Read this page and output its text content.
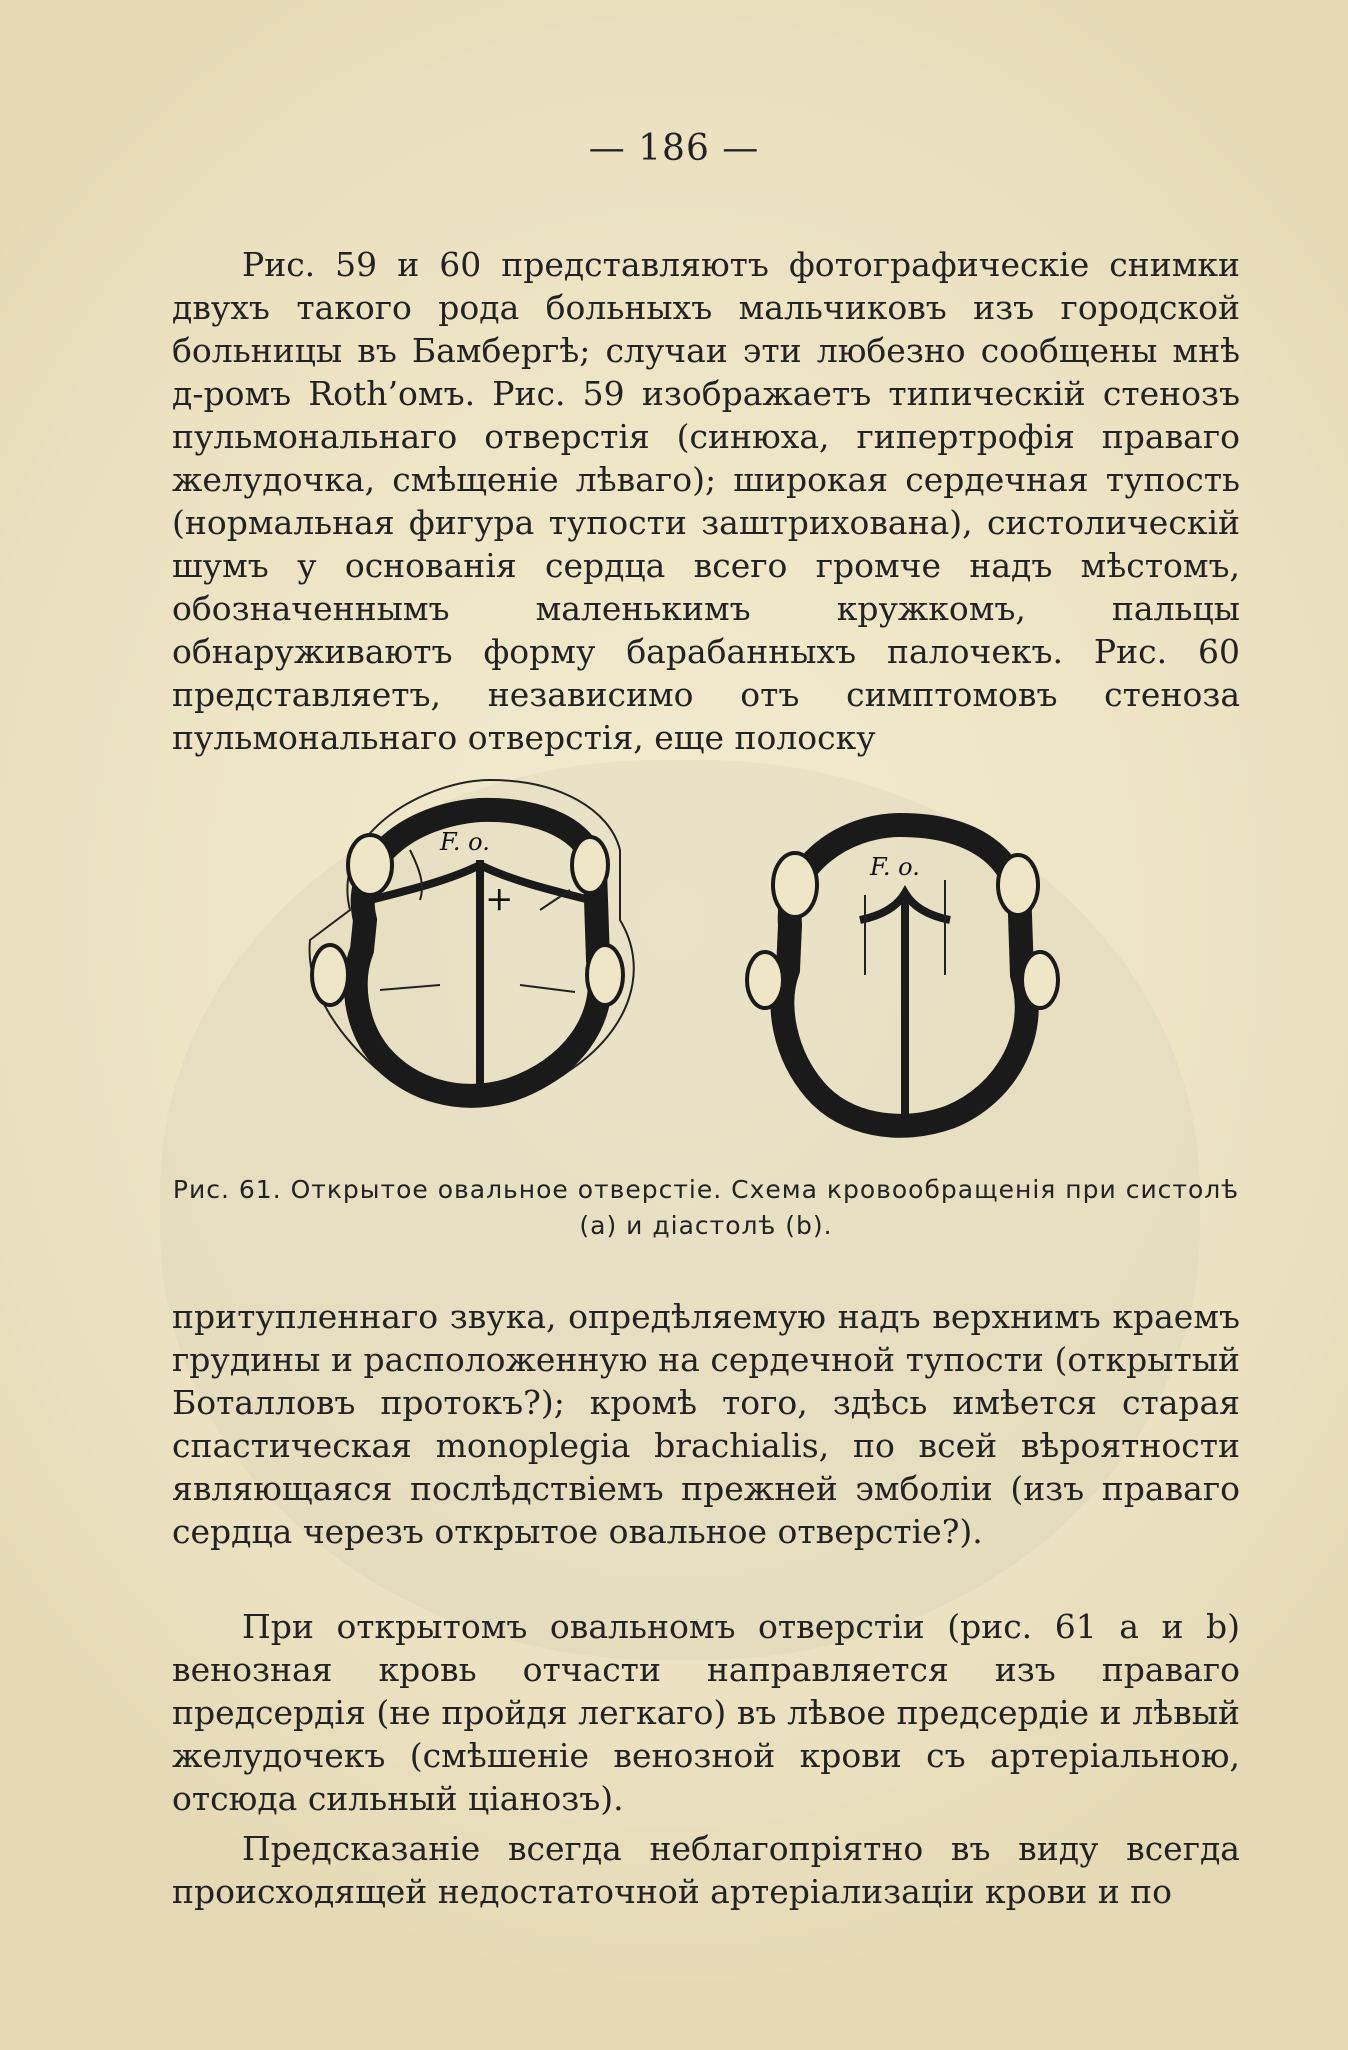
— 186 —

Рис. 59 и 60 представляютъ фотографическіе снимки двухъ такого рода больныхъ мальчиковъ изъ городской больницы въ Бамбергѣ; случаи эти любезно сообщены мнѣ д-ромъ Roth’омъ. Рис. 59 изображаетъ типическій стенозъ пульмональнаго отверстія (синюха, гипертрофія праваго желудочка, смѣщеніе лѣваго); широкая сердечная тупость (нормальная фигура тупости заштрихована), систолическій шумъ у основанія сердца всего громче надъ мѣстомъ, обозначеннымъ маленькимъ кружкомъ, пальцы обнаруживаютъ форму барабанныхъ палочекъ. Рис. 60 представляетъ, независимо отъ симптомовъ стеноза пульмональнаго отверстія, еще полоску

F. o.
+
F. o.
Рис. 61. Открытое овальное отверстіе. Схема кровообращенія при систолѣ (a) и діастолѣ (b).

притупленнаго звука, опредѣляемую надъ верхнимъ краемъ грудины и расположенную на сердечной тупости (открытый Боталловъ протокъ?); кромѣ того, здѣсь имѣется старая спастическая monoplegia brachialis, по всей вѣроятности являющаяся послѣдствіемъ прежней эмболіи (изъ праваго сердца черезъ открытое овальное отверстіе?).

При открытомъ овальномъ отверстіи (рис. 61 a и b) венозная кровь отчасти направляется изъ праваго предсердія (не пройдя легкаго) въ лѣвое предсердіе и лѣвый желудочекъ (смѣшеніе венозной крови съ артеріальною, отсюда сильный ціанозъ).

Предсказаніе всегда неблагопріятно въ виду всегда происходящей недостаточной артеріализаціи крови и по
